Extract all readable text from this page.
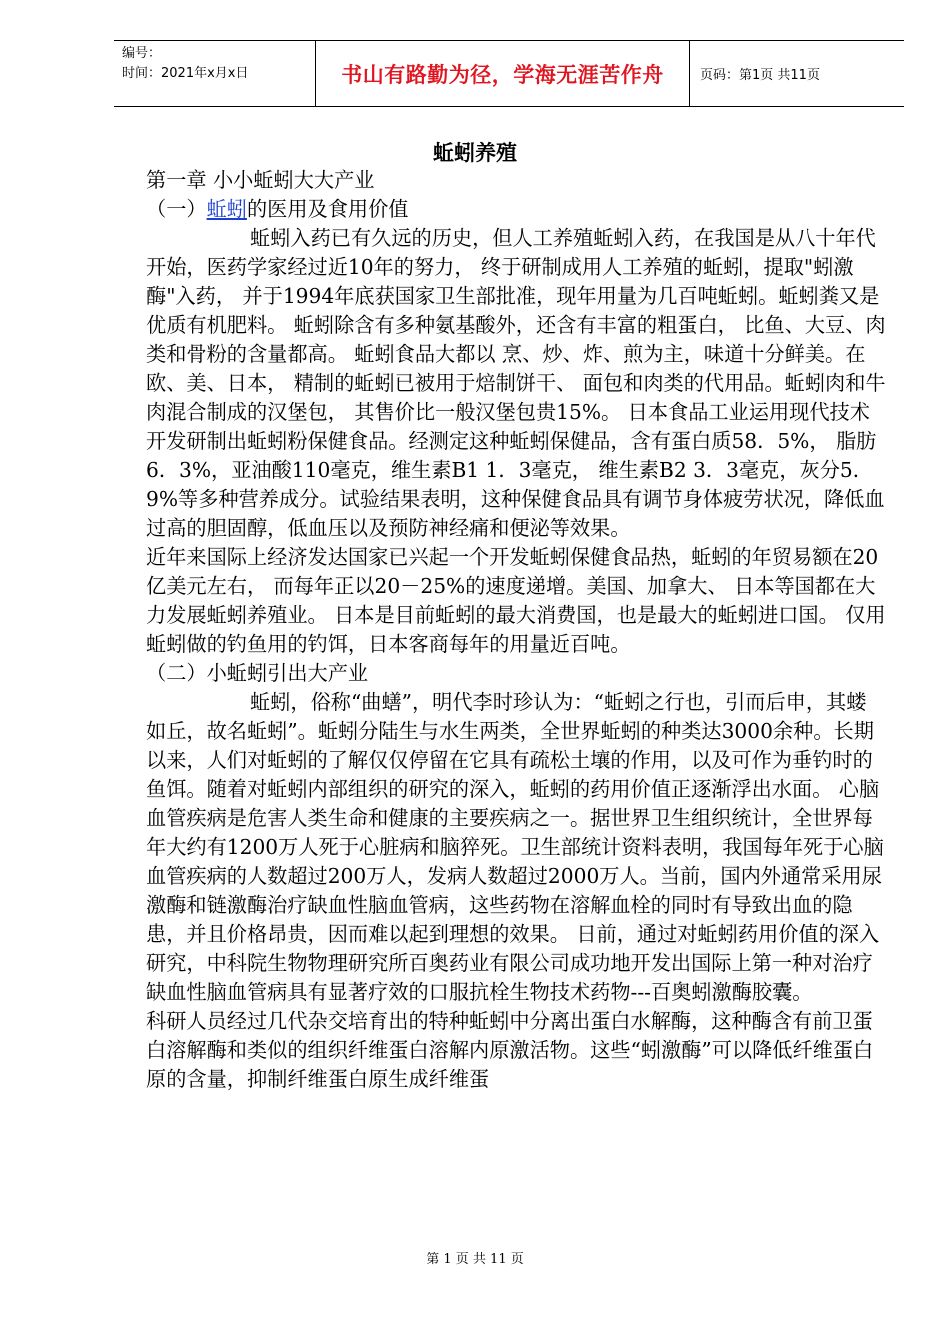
编号：
时间：2021年x月x日	书山有路勤为径，学海无涯苦作舟	页码：第1页 共11页
蚯蚓养殖

第一章 小小蚯蚓大大产业

（一）蚯蚓的医用及食用价值

蚯蚓入药已有久远的历史，但人工养殖蚯蚓入药，在我国是从八十年代开始，医药学家经过近10年的努力， 终于研制成用人工养殖的蚯蚓，提取"蚓激酶"入药， 并于1994年底获国家卫生部批准，现年用量为几百吨蚯蚓。蚯蚓粪又是优质有机肥料。 蚯蚓除含有多种氨基酸外，还含有丰富的粗蛋白， 比鱼、大豆、肉类和骨粉的含量都高。 蚯蚓食品大都以 烹、炒、炸、煎为主，味道十分鲜美。在欧、美、日本， 精制的蚯蚓已被用于焙制饼干、 面包和肉类的代用品。蚯蚓肉和牛肉混合制成的汉堡包， 其售价比一般汉堡包贵15%。 日本食品工业运用现代技术开发研制出蚯蚓粉保健食品。经测定这种蚯蚓保健品，含有蛋白质58．5%， 脂肪6．3%，亚油酸110毫克，维生素B1 1．3毫克， 维生素B2 3．3毫克，灰分5．9%等多种营养成分。试验结果表明，这种保健食品具有调节身体疲劳状况，降低血过高的胆固醇，低血压以及预防神经痛和便泌等效果。

近年来国际上经济发达国家已兴起一个开发蚯蚓保健食品热，蚯蚓的年贸易额在20亿美元左右， 而每年正以20－25%的速度递增。美国、加拿大、 日本等国都在大力发展蚯蚓养殖业。 日本是目前蚯蚓的最大消费国，也是最大的蚯蚓进口国。 仅用蚯蚓做的钓鱼用的钓饵，日本客商每年的用量近百吨。

（二）小蚯蚓引出大产业

蚯蚓，俗称“曲蟮”，明代李时珍认为：“蚯蚓之行也，引而后申，其蝼如丘，故名蚯蚓”。蚯蚓分陆生与水生两类，全世界蚯蚓的种类达3000余种。长期以来，人们对蚯蚓的了解仅仅停留在它具有疏松土壤的作用，以及可作为垂钓时的鱼饵。随着对蚯蚓内部组织的研究的深入，蚯蚓的药用价值正逐渐浮出水面。 心脑血管疾病是危害人类生命和健康的主要疾病之一。据世界卫生组织统计，全世界每年大约有1200万人死于心脏病和脑猝死。卫生部统计资料表明，我国每年死于心脑血管疾病的人数超过200万人，发病人数超过2000万人。当前，国内外通常采用尿激酶和链激酶治疗缺血性脑血管病，这些药物在溶解血栓的同时有导致出血的隐患，并且价格昂贵，因而难以起到理想的效果。 日前，通过对蚯蚓药用价值的深入研究，中科院生物物理研究所百奥药业有限公司成功地开发出国际上第一种对治疗缺血性脑血管病具有显著疗效的口服抗栓生物技术药物---百奥蚓激酶胶囊。

科研人员经过几代杂交培育出的特种蚯蚓中分离出蛋白水解酶，这种酶含有前卫蛋白溶解酶和类似的组织纤维蛋白溶解内原激活物。这些“蚓激酶”可以降低纤维蛋白原的含量，抑制纤维蛋白原生成纤维蛋

第 1 页 共 11 页
